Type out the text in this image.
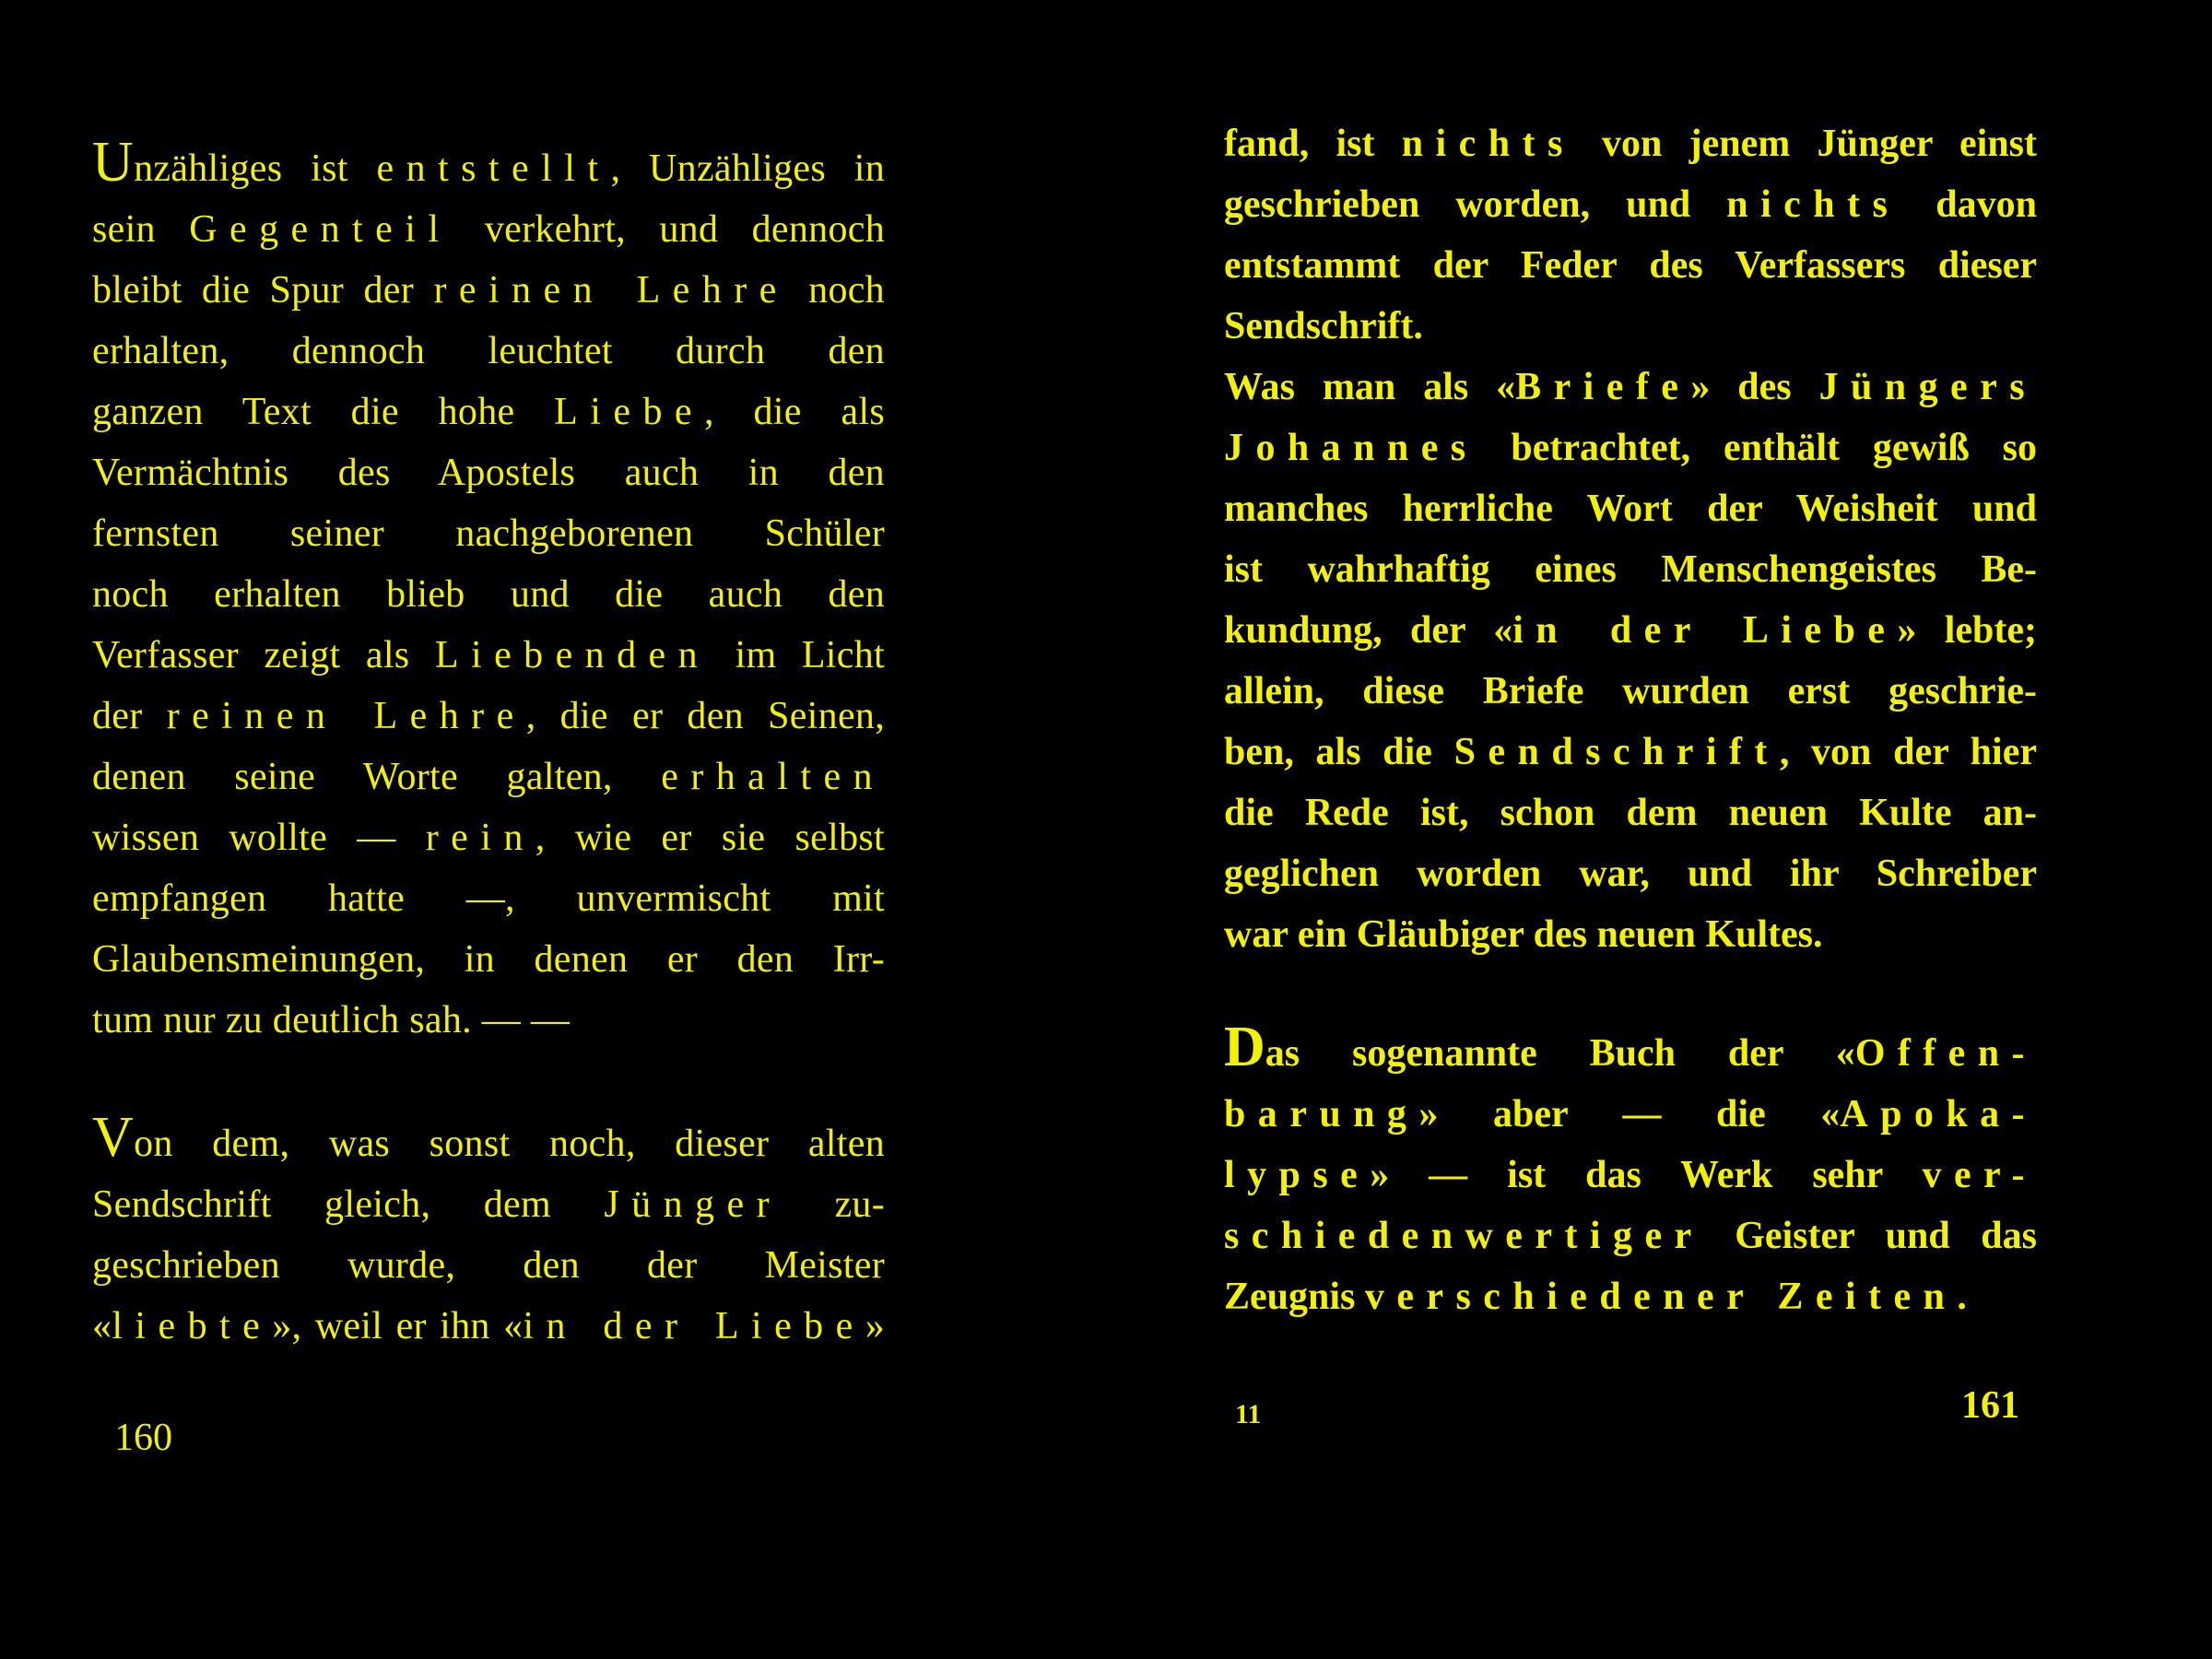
Unzähliges ist entstellt, Unzähliges in
sein Gegenteil verkehrt, und dennoch
bleibt die Spur der reinen Lehre noch
erhalten, dennoch leuchtet durch den
ganzen Text die hohe Liebe, die als
Vermächtnis des Apostels auch in den
fernsten seiner nachgeborenen Schüler
noch erhalten blieb und die auch den
Verfasser zeigt als Liebenden im Licht
der reinen Lehre, die er den Seinen,
denen seine Worte galten, erhalten
wissen wollte — rein, wie er sie selbst
empfangen hatte —, unvermischt mit
Glaubensmeinungen, in denen er den Irr-
tum nur zu deutlich sah. — —
Von dem, was sonst noch, dieser alten
Sendschrift gleich, dem Jünger zu-
geschrieben wurde, den der Meister
«liebte», weil er ihn «in der Liebe»
160
fand, ist nichts von jenem Jünger einst
geschrieben worden, und nichts davon
entstammt der Feder des Verfassers dieser
Sendschrift.
Was man als «Briefe» des Jüngers
Johannes betrachtet, enthält gewiß so
manches herrliche Wort der Weisheit und
ist wahrhaftig eines Menschengeistes Be-
kundung, der «in der Liebe» lebte;
allein, diese Briefe wurden erst geschrie-
ben, als die Sendschrift, von der hier
die Rede ist, schon dem neuen Kulte an-
geglichen worden war, und ihr Schreiber
war ein Gläubiger des neuen Kultes.
Das sogenannte Buch der «Offen-
barung» aber — die «Apoka-
lypse» — ist das Werk sehr ver-
schiedenwertiger Geister und das
Zeugnis verschiedener Zeiten.
11	161
